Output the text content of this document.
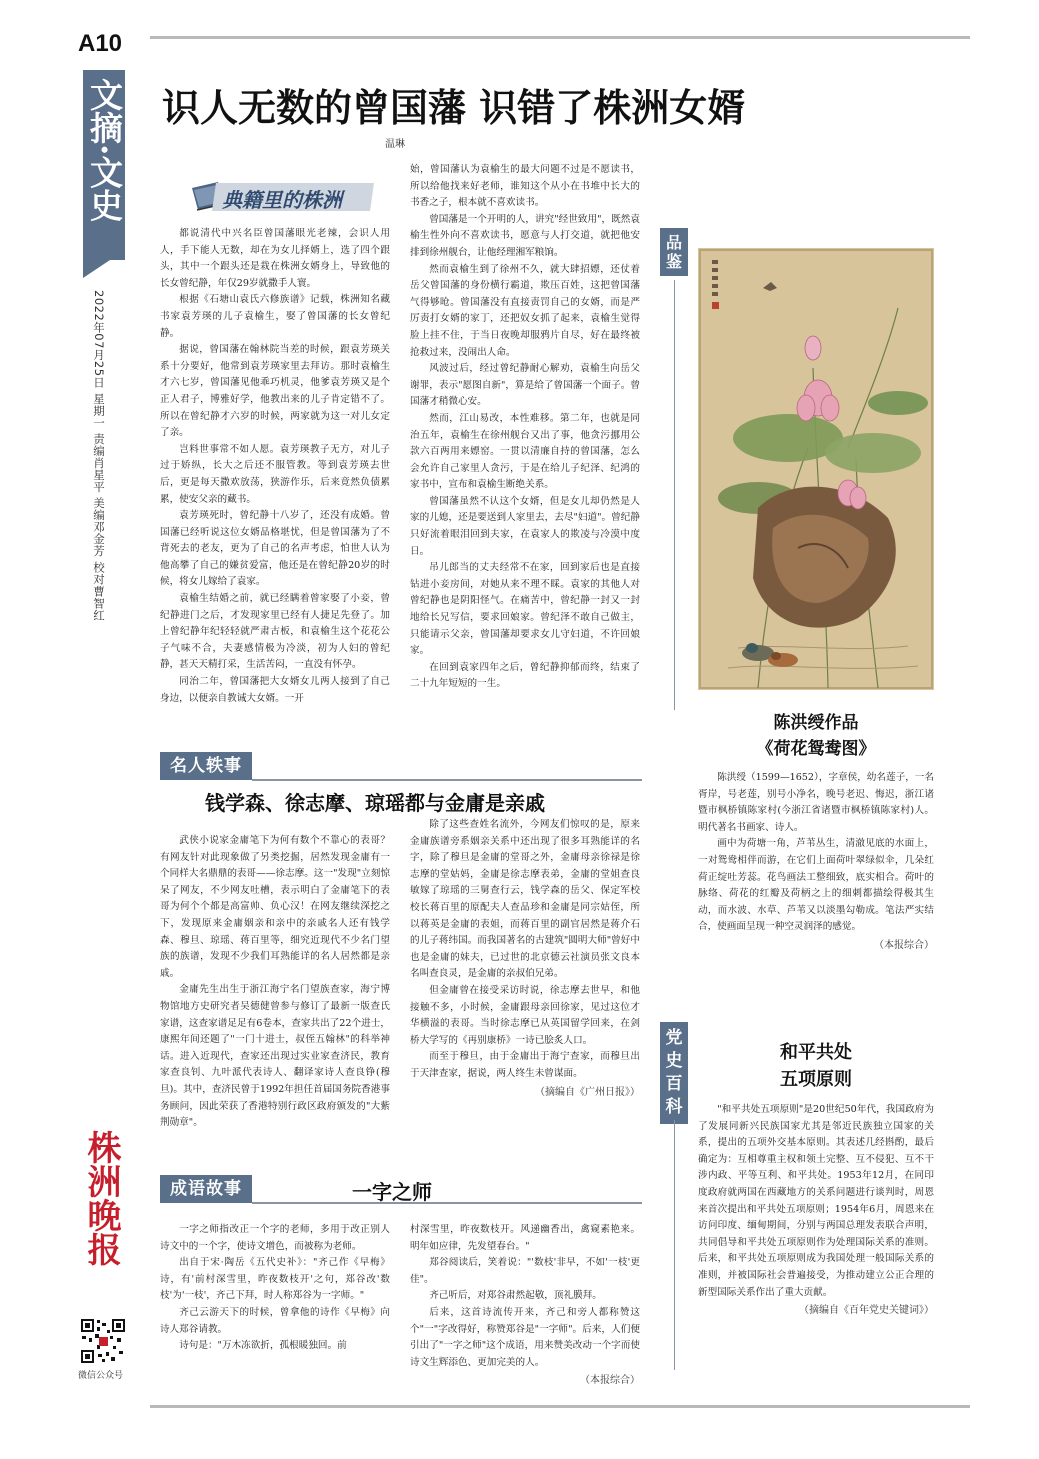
A10
文摘·文史
2022年07月25日 星期一 责编肖星平 美编邓金芳 校对曹智红
株洲晚报
微信公众号
识人无数的曾国藩 识错了株洲女婿
温琳
典籍里的株洲

都说清代中兴名臣曾国藩眼光老辣，会识人用人，手下能人无数，却在为女儿择婿上，选了四个跟头，其中一个跟头还是栽在株洲女婿身上，导致他的长女曾纪静，年仅29岁就撒手人寰。

根据《石塘山袁氏六修族谱》记载，株洲知名藏书家袁芳瑛的儿子袁榆生，娶了曾国藩的长女曾纪静。

据说，曾国藩在翰林院当差的时候，跟袁芳瑛关系十分要好，他常到袁芳瑛家里去拜访。那时袁榆生才六七岁，曾国藩见他乖巧机灵，他爹袁芳瑛又是个正人君子，博雅好学，他教出来的儿子肯定错不了。所以在曾纪静才六岁的时候，两家就为这一对儿女定了亲。

岂料世事常不如人愿。袁芳瑛教子无方，对儿子过于娇纵，长大之后还不服管教。等到袁芳瑛去世后，更是每天撒欢放荡，狭游作乐，后来竟然负债累累，使安父亲的藏书。

袁芳瑛死时，曾纪静十八岁了，还没有成婚。曾国藩已经听说这位女婿品格堪忧，但是曾国藩为了不背死去的老友，更为了自己的名声考虑，怕世人认为他高攀了自己的嫌贫爱富，他还是在曾纪静20岁的时候，将女儿嫁给了袁家。

袁榆生结婚之前，就已经瞒着曾家娶了小妾，曾纪静进门之后，才发现家里已经有人捷足先登了。加上曾纪静年纪轻轻就严肃古板，和袁榆生这个花花公子气味不合，夫妻感情极为冷淡，初为人妇的曾纪静，甚天天精打采，生活苦闷，一直没有怀孕。

同治二年，曾国藩把大女婿女儿两人接到了自己身边，以便亲自教诫大女婿。一开

始，曾国藩认为袁榆生的最大问题不过是不愿读书，所以给他找来好老师，谁知这个从小在书堆中长大的书香之子，根本就不喜欢读书。

曾国藩是一个开明的人，讲究"经世致用"，既然袁榆生性外向不喜欢读书，愿意与人打交道，就把他安排到徐州舰台，让他经理湘军粮饷。

然而袁榆生到了徐州不久，就大肆招嫖，还仗着岳父曾国藩的身份横行霸道，欺压百姓，这把曾国藩气得够呛。曾国藩没有直接责罚自己的女婿，而是严厉责打女婿的家丁，还把奴女抓了起来，袁榆生觉得脸上挂不住，于当日夜晚却服鸦片自尽，好在最终被抢救过来，没闹出人命。

风波过后，经过曾纪静耐心解劝，袁榆生向岳父谢罪，表示"愿图自新"，算是给了曾国藩一个面子。曾国藩才稍微心安。

然而，江山易改，本性难移。第二年，也就是同治五年，袁榆生在徐州舰台又出了事，他贪污挪用公款六百两用来嫖窑。一贯以清廉自持的曾国藩，怎么会允许自己家里人贪污，于是在给儿子纪泽、纪鸿的家书中，宣布和袁榆生断绝关系。

曾国藩虽然不认这个女婿，但是女儿却仍然是人家的儿媳，还是要送到人家里去，去尽"妇道"。曾纪静只好流着眼泪回到夫家，在袁家人的欺凌与冷漠中度日。

吊儿郎当的丈夫经常不在家，回到家后也是直接钻进小妾房间，对她从来不理不睬。袁家的其他人对曾纪静也是阴阳怪气。在痛苦中，曾纪静一封又一封地给长兄写信，要求回娘家。曾纪泽不敢自己做主，只能请示父亲，曾国藩却要求女儿守妇道，不许回娘家。

在回到袁家四年之后，曾纪静抑郁而终，结束了二十九年短短的一生。

品鉴
陈洪绶作品
《荷花鸳鸯图》

陈洪绶（1599—1652），字章侯，幼名莲子，一名胥岸，号老莲，别号小净名，晚号老迟、悔迟，浙江诸暨市枫桥镇陈家村(今浙江省诸暨市枫桥镇陈家村)人。明代著名书画家、诗人。

画中为荷塘一角，芦苇丛生，清澈见底的水面上，一对鸳鸯相伴而游，在它们上面荷叶翠绿似伞，几朵红荷正绽吐芳蕊。花鸟画法工整细致，底实相合。荷叶的脉络、荷花的红瓣及荷柄之上的细刺都描绘得极其生动，而水波、水草、芦苇又以淡墨勾勒成。笔法严实结合，使画面呈现一种空灵润泽的感觉。

（本报综合）
名人轶事
钱学森、徐志摩、琼瑶都与金庸是亲戚

武侠小说家金庸笔下为何有数个不靠心的表哥？有网友针对此现象做了另类挖掘，居然发现金庸有一个同样大名鼎鼎的表哥——徐志摩。这一"发现"立刻惊呆了网友，不少网友吐槽，表示明白了金庸笔下的表哥为何个个都是高富帅、负心汉！在网友继续深挖之下，发现原来金庸姻亲和亲中的亲戚名人还有钱学森、穆旦、琼瑶、蒋百里等，细究近现代不少名门望族的族谱，发现不少我们耳熟能详的名人居然都是亲戚。

金庸先生出生于浙江海宁名门望族查家，海宁博物馆地方史研究者吴德健曾参与修订了最新一版查氏家谱，这查家谱足足有6卷本，查家共出了22个进士，康熙年间还题了"一门十进士，叔侄五翰林"的科举神话。进入近现代，查家还出现过实业家查济民，教育家查良钊、九叶派代表诗人、翻译家诗人查良铮(穆旦)。其中，查济民曾于1992年担任首届国务院香港事务顾问，因此荣获了香港特别行政区政府颁发的"大紫荆勋章"。

除了这些查姓名流外，今网友们惊叹的是，原来金庸族谱旁系姻亲关系中还出现了很多耳熟能详的名字，除了穆旦是金庸的堂哥之外，金庸母亲徐禄是徐志摩的堂姑妈，金庸是徐志摩表弟，金庸的堂姐查良敏嫁了琼瑶的三舅查行云，钱学森的岳父、保定军校校长蒋百里的原配夫人查品珍和金庸是同宗姑侄，所以蒋英是金庸的表姐，而蒋百里的副官居然是蒋介石的儿子蒋纬国。而我国著名的古建筑"圆明大师"曾好中也是金庸的妹夫，已过世的北京德云社演员张文良本名叫查良灵，是金庸的亲叔伯兄弟。

但金庸曾在接受采访时说，徐志摩去世早，和他接触不多，小时候，金庸跟母亲回徐家，见过这位才华横溢的表哥。当时徐志摩已从英国留学回来，在剑桥大学写的《再别康桥》一诗已脍炙人口。

而至于穆旦，由于金庸出于海宁查家，而穆旦出于天津查家，据说，两人终生未曾谋面。

（摘编自《广州日报》）
成语故事	一字之师

一字之师指改正一个字的老师，多用于改正别人诗文中的一个字，使诗文增色，而被称为老师。

出自于宋·陶岳《五代史补》："齐己作《早梅》诗，有'前村深雪里，昨夜数枝开'之句，郑谷改'数枝'为'一枝'，齐己下拜，时人称郑谷为一字师。"

齐己云游天下的时候，曾拿他的诗作《早梅》向诗人郑谷请教。

诗句是："万木冻欲折，孤根暖独回。前

村深雪里，昨夜数枝开。风递幽香出，禽窥素艳来。明年如应律，先发望春台。"

郑谷阅读后，笑着说："'数枝'非早，不如'一枝'更佳"。

齐己听后，对郑谷肃然起敬，顶礼膜拜。

后来，这首诗流传开来，齐己和旁人都称赞这个"一"字改得好，称赞郑谷是"一字师"。后来，人们便引出了"一字之师"这个成语，用来赞美改动一个字而使诗文生辉添色、更加完美的人。

（本报综合）
党史百科
和平共处
五项原则

"和平共处五项原则"是20世纪50年代，我国政府为了发展同新兴民族国家尤其是邻近民族独立国家的关系，提出的五项外交基本原则。其表述几经斟酌，最后确定为：互相尊重主权和领土完整、互不侵犯、互不干涉内政、平等互利、和平共处。1953年12月，在同印度政府就两国在西藏地方的关系问题进行谈判时，周恩来首次提出和平共处五项原则；1954年6月，周恩来在访问印度、缅甸期间，分别与两国总理发表联合声明，共同倡导和平共处五项原则作为处理国际关系的准则。后来，和平共处五项原则成为我国处理一般国际关系的准则，并被国际社会普遍接受，为推动建立公正合理的新型国际关系作出了重大贡献。

（摘编自《百年党史关键词》）
